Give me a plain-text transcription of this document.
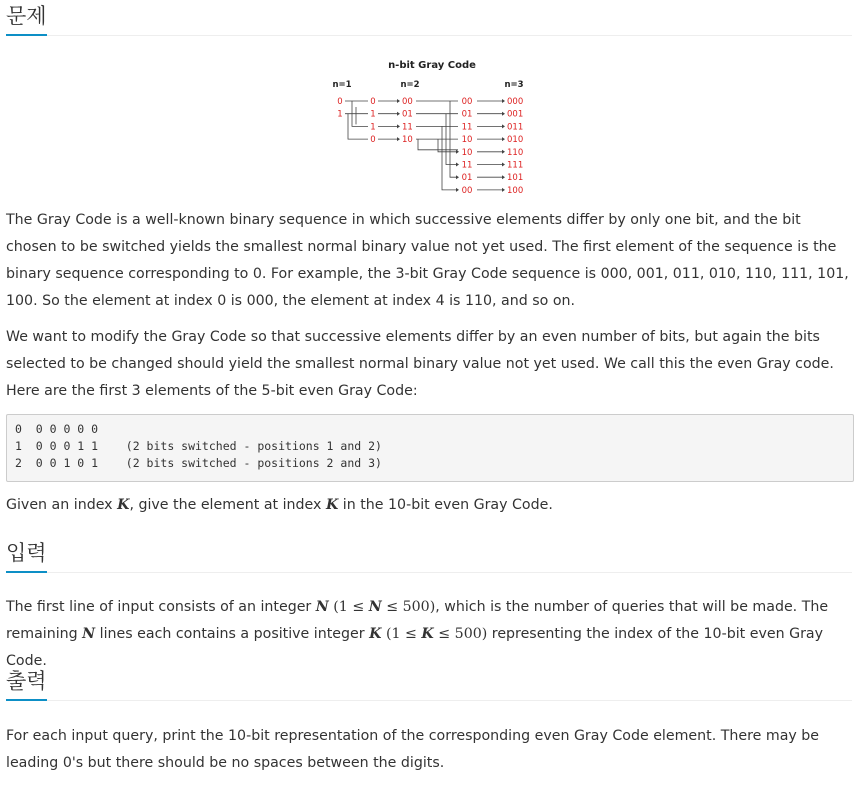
문제
n-bit Gray Code
n=1	n=2	n=3
0
1
0
1
1
0
00
01
11
10
00
01
11
10
10
11
01
00
000
001
011
010
110
111
101
100

The Gray Code is a well-known binary sequence in which successive elements differ by only one bit, and the bit chosen to be switched yields the smallest normal binary value not yet used. The first element of the sequence is the binary sequence corresponding to 0. For example, the 3-bit Gray Code sequence is 000, 001, 011, 010, 110, 111, 101, 100. So the element at index 0 is 000, the element at index 4 is 110, and so on.

We want to modify the Gray Code so that successive elements differ by an even number of bits, but again the bits selected to be changed should yield the smallest normal binary value not yet used. We call this the even Gray code. Here are the first 3 elements of the 5-bit even Gray Code:

0  0 0 0 0 0
1  0 0 0 1 1    (2 bits switched - positions 1 and 2)
2  0 0 1 0 1    (2 bits switched - positions 2 and 3)

Given an index K, give the element at index K in the 10-bit even Gray Code.

입력

The first line of input consists of an integer N (1 ≤ N ≤ 500), which is the number of queries that will be made. The remaining N lines each contains a positive integer K (1 ≤ K ≤ 500) representing the index of the 10-bit even Gray Code.

출력

For each input query, print the 10-bit representation of the corresponding even Gray Code element. There may be leading 0's but there should be no spaces between the digits.
